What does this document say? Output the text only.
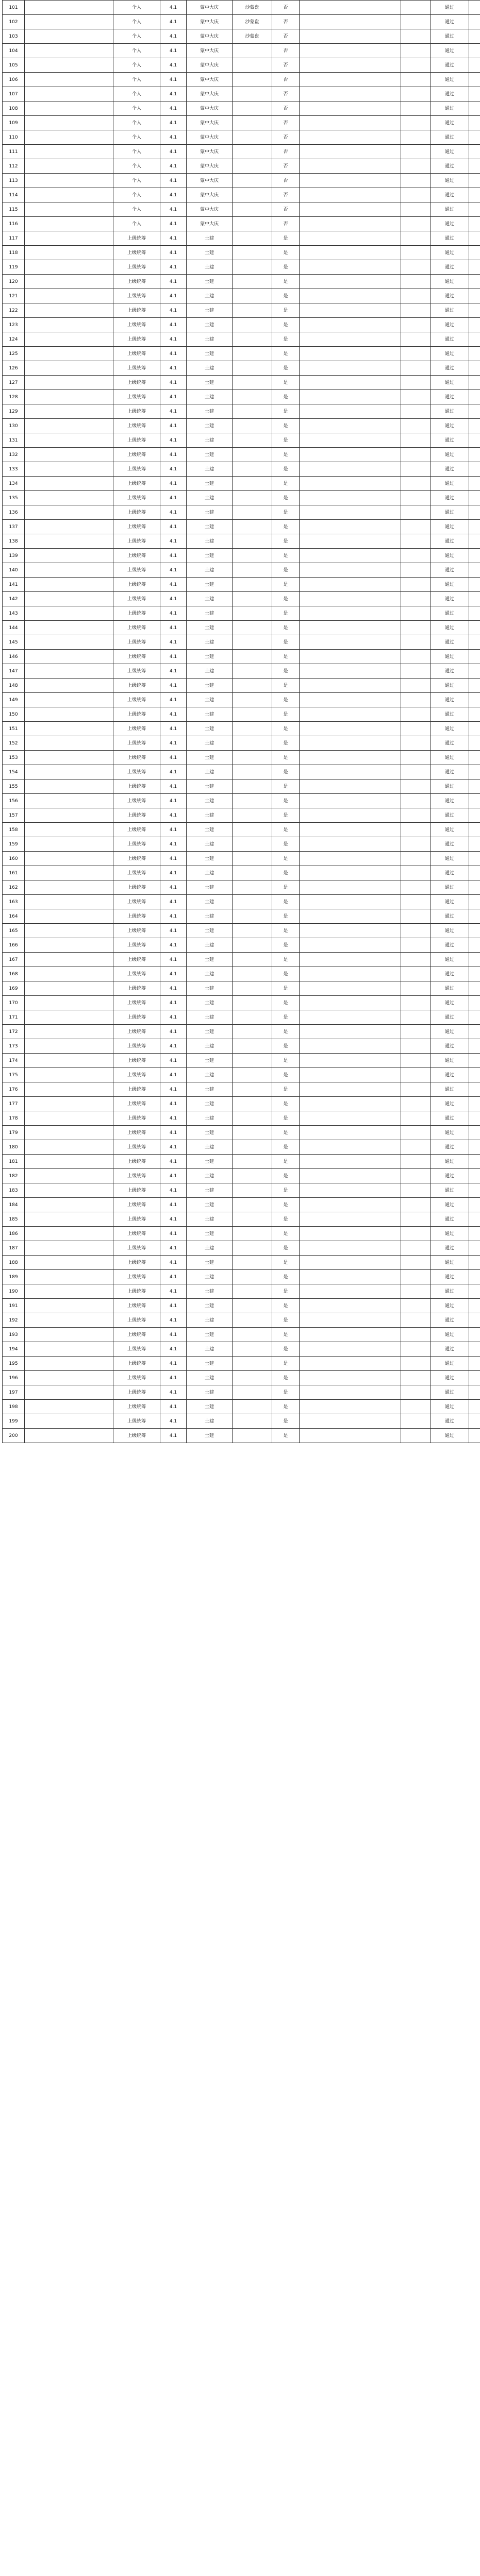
101		个人	4.1	蒙中大庆	沙蒙盘	否			通过	
102		个人	4.1	蒙中大庆	沙蒙盘	否			通过	
103		个人	4.1	蒙中大庆	沙蒙盘	否			通过	
104		个人	4.1	蒙中大庆		否			通过	
105		个人	4.1	蒙中大庆		否			通过	
106		个人	4.1	蒙中大庆		否			通过	
107		个人	4.1	蒙中大庆		否			通过	
108		个人	4.1	蒙中大庆		否			通过	
109		个人	4.1	蒙中大庆		否			通过	
110		个人	4.1	蒙中大庆		否			通过	
111		个人	4.1	蒙中大庆		否			通过	
112		个人	4.1	蒙中大庆		否			通过	
113		个人	4.1	蒙中大庆		否			通过	
114		个人	4.1	蒙中大庆		否			通过	
115		个人	4.1	蒙中大庆		否			通过	
116		个人	4.1	蒙中大庆		否			通过	
117		上级统筹	4.1	土建		是			通过	
118		上级统筹	4.1	土建		是			通过	
119		上级统筹	4.1	土建		是			通过	
120		上级统筹	4.1	土建		是			通过	
121		上级统筹	4.1	土建		是			通过	
122		上级统筹	4.1	土建		是			通过	
123		上级统筹	4.1	土建		是			通过	
124		上级统筹	4.1	土建		是			通过	
125		上级统筹	4.1	土建		是			通过	
126		上级统筹	4.1	土建		是			通过	
127		上级统筹	4.1	土建		是			通过	
128		上级统筹	4.1	土建		是			通过	
129		上级统筹	4.1	土建		是			通过	
130		上级统筹	4.1	土建		是			通过	
131		上级统筹	4.1	土建		是			通过	
132		上级统筹	4.1	土建		是			通过	
133		上级统筹	4.1	土建		是			通过	
134		上级统筹	4.1	土建		是			通过	
135		上级统筹	4.1	土建		是			通过	
136		上级统筹	4.1	土建		是			通过	
137		上级统筹	4.1	土建		是			通过	
138		上级统筹	4.1	土建		是			通过	
139		上级统筹	4.1	土建		是			通过	
140		上级统筹	4.1	土建		是			通过	
141		上级统筹	4.1	土建		是			通过	
142		上级统筹	4.1	土建		是			通过	
143		上级统筹	4.1	土建		是			通过	
144		上级统筹	4.1	土建		是			通过	
145		上级统筹	4.1	土建		是			通过	
146		上级统筹	4.1	土建		是			通过	
147		上级统筹	4.1	土建		是			通过	
148		上级统筹	4.1	土建		是			通过	
149		上级统筹	4.1	土建		是			通过	
150		上级统筹	4.1	土建		是			通过	
151		上级统筹	4.1	土建		是			通过	
152		上级统筹	4.1	土建		是			通过	
153		上级统筹	4.1	土建		是			通过	
154		上级统筹	4.1	土建		是			通过	
155		上级统筹	4.1	土建		是			通过	
156		上级统筹	4.1	土建		是			通过	
157		上级统筹	4.1	土建		是			通过	
158		上级统筹	4.1	土建		是			通过	
159		上级统筹	4.1	土建		是			通过	
160		上级统筹	4.1	土建		是			通过	
161		上级统筹	4.1	土建		是			通过	
162		上级统筹	4.1	土建		是			通过	
163		上级统筹	4.1	土建		是			通过	
164		上级统筹	4.1	土建		是			通过	
165		上级统筹	4.1	土建		是			通过	
166		上级统筹	4.1	土建		是			通过	
167		上级统筹	4.1	土建		是			通过	
168		上级统筹	4.1	土建		是			通过	
169		上级统筹	4.1	土建		是			通过	
170		上级统筹	4.1	土建		是			通过	
171		上级统筹	4.1	土建		是			通过	
172		上级统筹	4.1	土建		是			通过	
173		上级统筹	4.1	土建		是			通过	
174		上级统筹	4.1	土建		是			通过	
175		上级统筹	4.1	土建		是			通过	
176		上级统筹	4.1	土建		是			通过	
177		上级统筹	4.1	土建		是			通过	
178		上级统筹	4.1	土建		是			通过	
179		上级统筹	4.1	土建		是			通过	
180		上级统筹	4.1	土建		是			通过	
181		上级统筹	4.1	土建		是			通过	
182		上级统筹	4.1	土建		是			通过	
183		上级统筹	4.1	土建		是			通过	
184		上级统筹	4.1	土建		是			通过	
185		上级统筹	4.1	土建		是			通过	
186		上级统筹	4.1	土建		是			通过	
187		上级统筹	4.1	土建		是			通过	
188		上级统筹	4.1	土建		是			通过	
189		上级统筹	4.1	土建		是			通过	
190		上级统筹	4.1	土建		是			通过	
191		上级统筹	4.1	土建		是			通过	
192		上级统筹	4.1	土建		是			通过	
193		上级统筹	4.1	土建		是			通过	
194		上级统筹	4.1	土建		是			通过	
195		上级统筹	4.1	土建		是			通过	
196		上级统筹	4.1	土建		是			通过	
197		上级统筹	4.1	土建		是			通过	
198		上级统筹	4.1	土建		是			通过	
199		上级统筹	4.1	土建		是			通过	
200		上级统筹	4.1	土建		是			通过	
